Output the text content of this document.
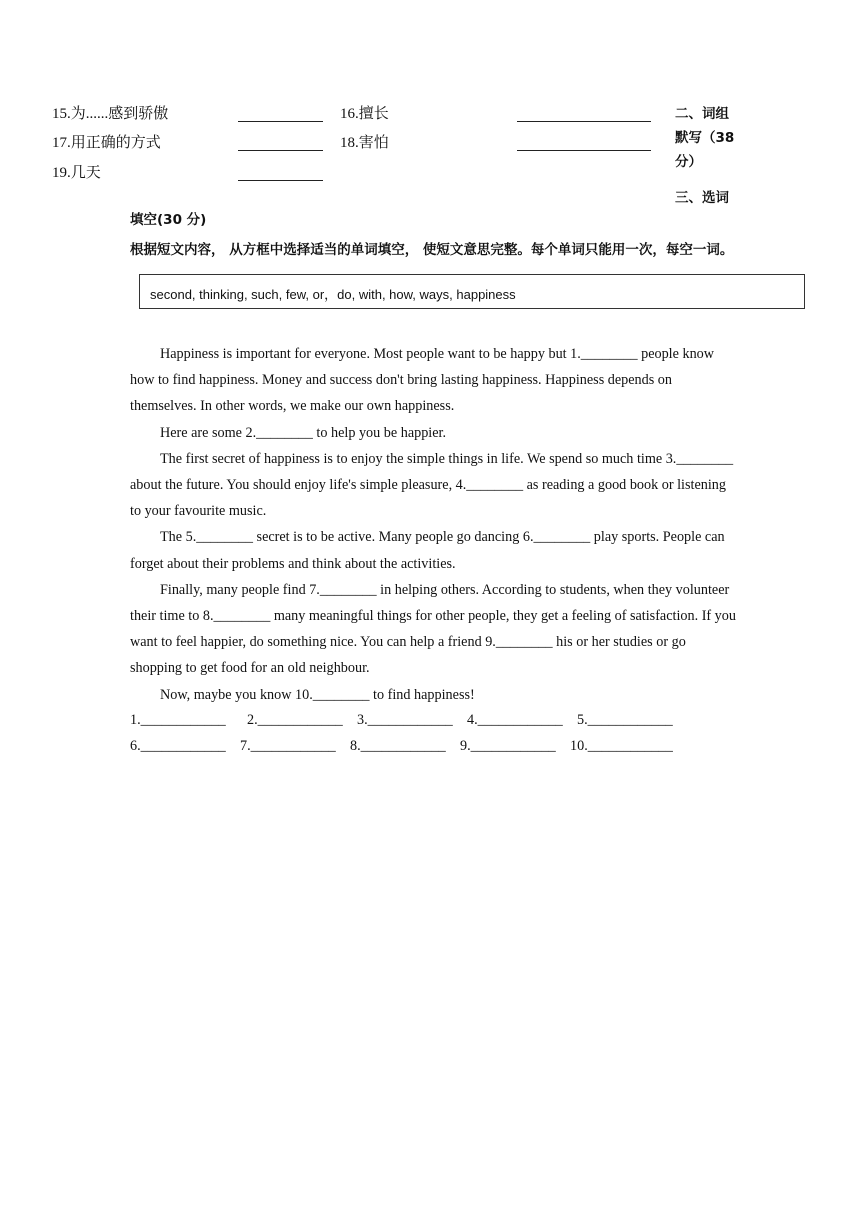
15.为......感到骄傲	16.擅长
17.用正确的方式	18.害怕
19.几天
二、词组
默写（38
分）
三、选词
填空(30 分)
根据短文内容， 从方框中选择适当的单词填空， 使短文意思完整。每个单词只能用一次，每空一词。
second, thinking, such, few, or，do, with, how, ways, happiness

Happiness is important for everyone. Most people want to be happy but 1.________ people know how to find happiness. Money and success don't bring lasting happiness. Happiness depends on themselves. In other words, we make our own happiness.

Here are some 2.________ to help you be happier.

The first secret of happiness is to enjoy the simple things in life. We spend so much time 3.________ about the future. You should enjoy life's simple pleasure, 4.________ as reading a good book or listening to your favourite music.

The 5.________ secret is to be active. Many people go dancing 6.________ play sports. People can forget about their problems and think about the activities.

Finally, many people find 7.________ in helping others. According to students, when they volunteer their time to 8.________ many meaningful things for other people, they get a feeling of satisfaction. If you want to feel happier, do something nice. You can help a friend 9.________ his or her studies or go shopping to get food for an old neighbour.

Now, maybe you know 10.________ to find happiness!

1.____________ 2.____________ 3.____________ 4.____________ 5.____________
6.____________ 7.____________ 8.____________ 9.____________ 10.____________
